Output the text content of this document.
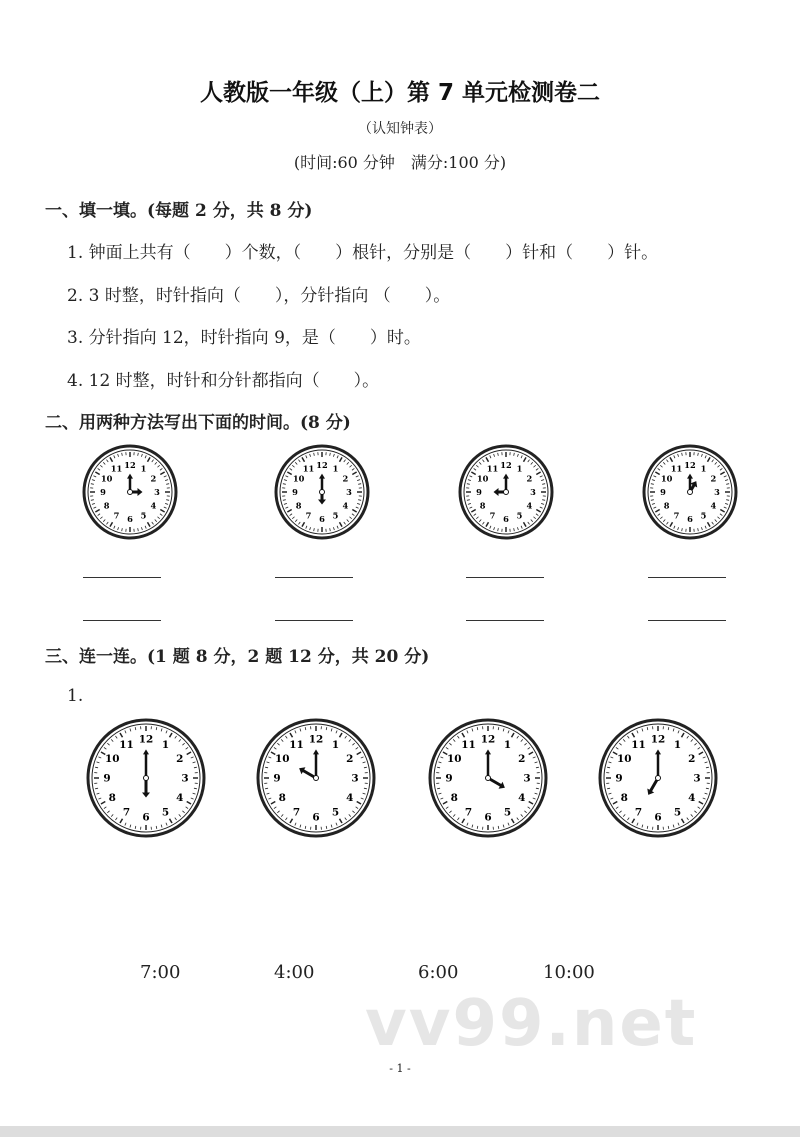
人教版一年级（上）第 7 单元检测卷二
（认知钟表）
(时间:60 分钟　满分:100 分)
一、填一填。(每题 2 分，共 8 分)
1. 钟面上共有（　　）个数，（　　）根针，分别是（　　）针和（　　）针。
2. 3 时整，时针指向（　　），分针指向 （　　）。
3. 分针指向 12，时针指向 9，是（　　）时。
4. 12 时整，时针和分针都指向（　　）。
二、用两种方法写出下面的时间。(8 分)
1
2
3
4
5
6
7
8
9
10
11 12	1
2
3
4
5
6
7
8
9
10
11 12	1
2
3
4
5
6
7
8
9
10
11 12	1
2
3
4
5
6
7
8
9
10
11 12
三、连一连。(1 题 8 分，2 题 12 分，共 20 分)
1.
1
2
3
4
5
6
7
8
9
10
11 12	1
2
3
4
5
6
7
8
9
10
11 12	1
2
3
4
5
6
7
8
9
10
11 12	1
2
3
4
5
6
7
8
9
10
11 12
7:00	4:00	6:00	10:00
vv99.net
- 1 -
